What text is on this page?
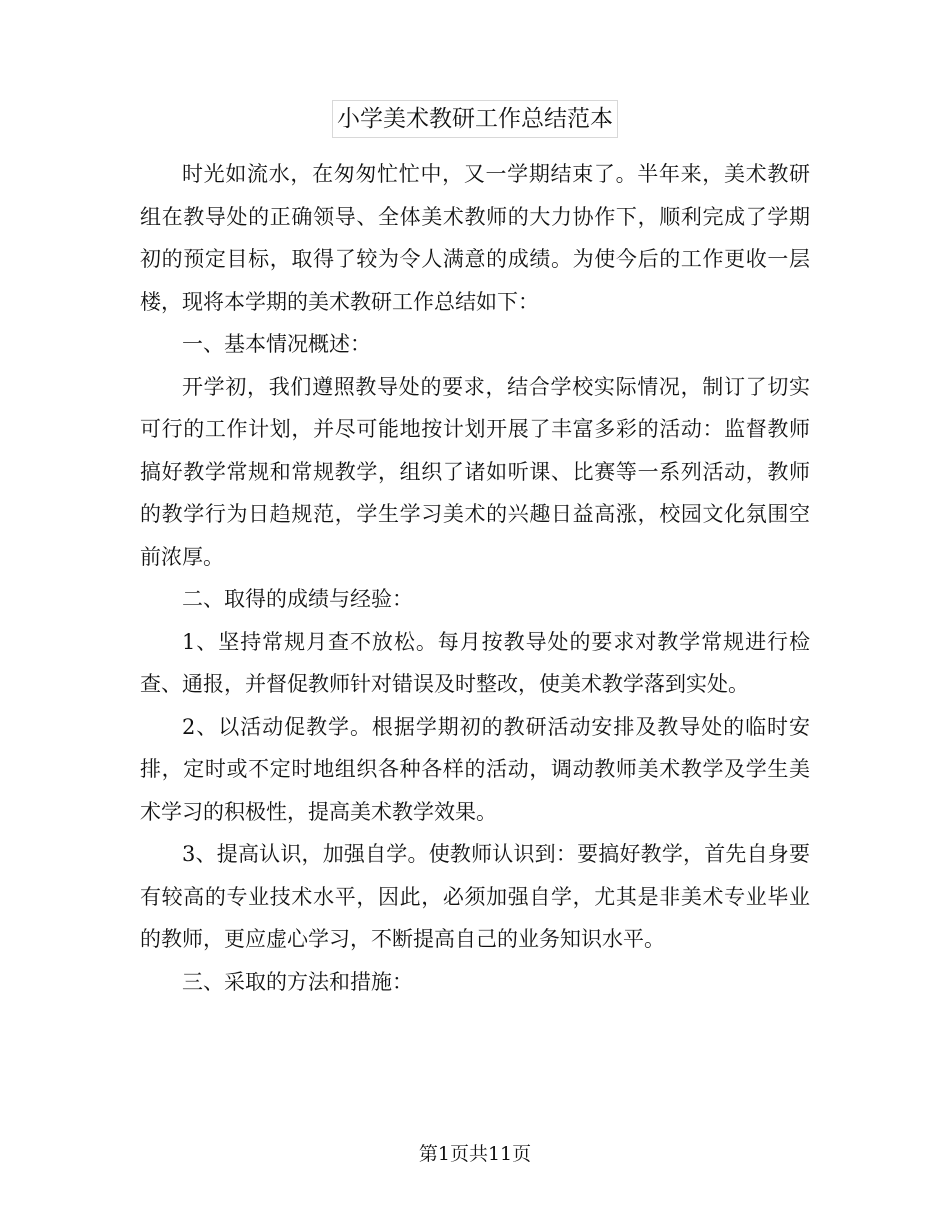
小学美术教研工作总结范本

时光如流水，在匆匆忙忙中，又一学期结束了。半年来，美术教研组在教导处的正确领导、全体美术教师的大力协作下，顺利完成了学期初的预定目标，取得了较为令人满意的成绩。为使今后的工作更收一层楼，现将本学期的美术教研工作总结如下：

一、基本情况概述：

开学初，我们遵照教导处的要求，结合学校实际情况，制订了切实可行的工作计划，并尽可能地按计划开展了丰富多彩的活动：监督教师搞好教学常规和常规教学，组织了诸如听课、比赛等一系列活动，教师的教学行为日趋规范，学生学习美术的兴趣日益高涨，校园文化氛围空前浓厚。

二、取得的成绩与经验：

1、坚持常规月查不放松。每月按教导处的要求对教学常规进行检查、通报，并督促教师针对错误及时整改，使美术教学落到实处。

2、以活动促教学。根据学期初的教研活动安排及教导处的临时安排，定时或不定时地组织各种各样的活动，调动教师美术教学及学生美术学习的积极性，提高美术教学效果。

3、提高认识，加强自学。使教师认识到：要搞好教学，首先自身要有较高的专业技术水平，因此，必须加强自学，尤其是非美术专业毕业的教师，更应虚心学习，不断提高自己的业务知识水平。

三、采取的方法和措施：

第1页共11页
